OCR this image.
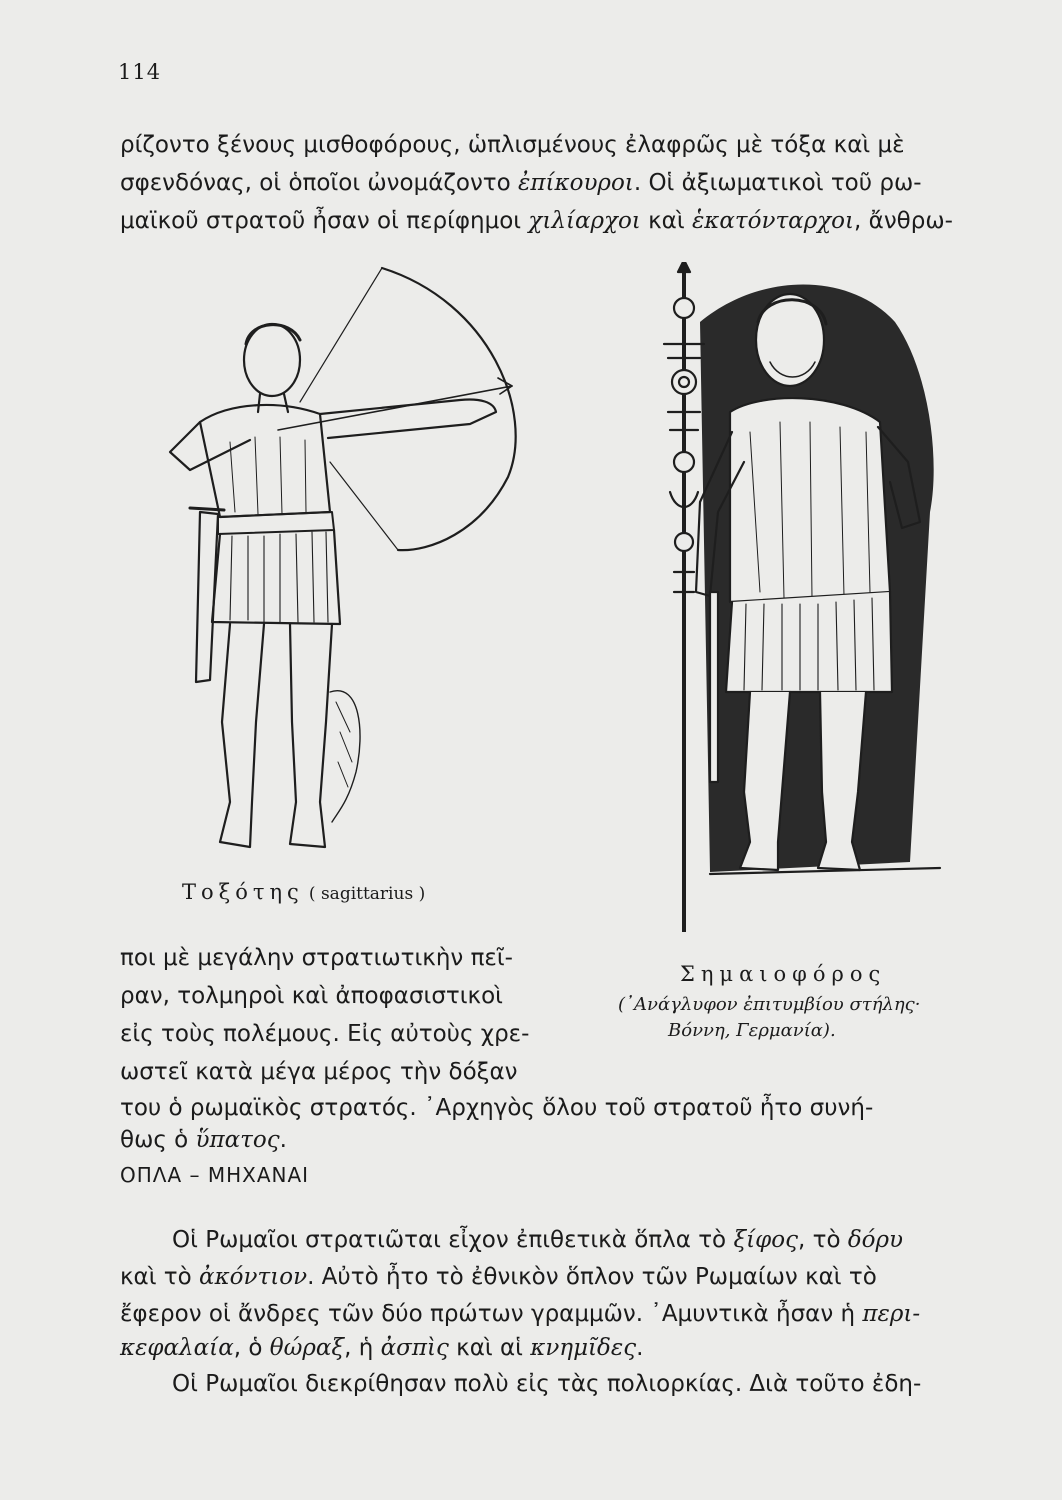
114
ρίζοντο ξένους μισθοφόρους, ὡπλισμένους ἐλαφρῶς μὲ τόξα καὶ μὲ
σφενδόνας, οἱ ὁποῖοι ὠνομάζοντο ἐπίκουροι. Οἱ ἀξιωματικοὶ τοῦ ρω-
μαϊκοῦ στρατοῦ ἦσαν οἱ περίφημοι χιλίαρχοι καὶ ἑκατόνταρχοι, ἄνθρω-
Τοξότης ( sagittarius )
Σημαιοφόρος
(᾿Ανάγλυφον ἐπιτυμβίου στήλης·
Βόννη, Γερμανία).
ποι μὲ μεγάλην στρατιωτικὴν πεῖ-
ραν, τολμηροὶ καὶ ἀποφασιστικοὶ
εἰς τοὺς πολέμους. Εἰς αὐτοὺς χρε-
ωστεῖ κατὰ μέγα μέρος τὴν δόξαν
του ὁ ρωμαϊκὸς στρατός. ᾿Αρχηγὸς ὅλου τοῦ στρατοῦ ἦτο συνή-
θως ὁ ὕπατος.
ΟΠΛΑ – ΜΗΧΑΝΑΙ
Οἱ Ρωμαῖοι στρατιῶται εἶχον ἐπιθετικὰ ὅπλα τὸ ξίφος, τὸ δόρυ
καὶ τὸ ἀκόντιον. Αὐτὸ ἦτο τὸ ἐθνικὸν ὅπλον τῶν Ρωμαίων καὶ τὸ
ἔφερον οἱ ἄνδρες τῶν δύο πρώτων γραμμῶν. ᾿Αμυντικὰ ἦσαν ἡ περι-
κεφαλαία, ὁ θώραξ, ἡ ἀσπὶς καὶ αἱ κνημῖδες.
Οἱ Ρωμαῖοι διεκρίθησαν πολὺ εἰς τὰς πολιορκίας. Διὰ τοῦτο ἐδη-
